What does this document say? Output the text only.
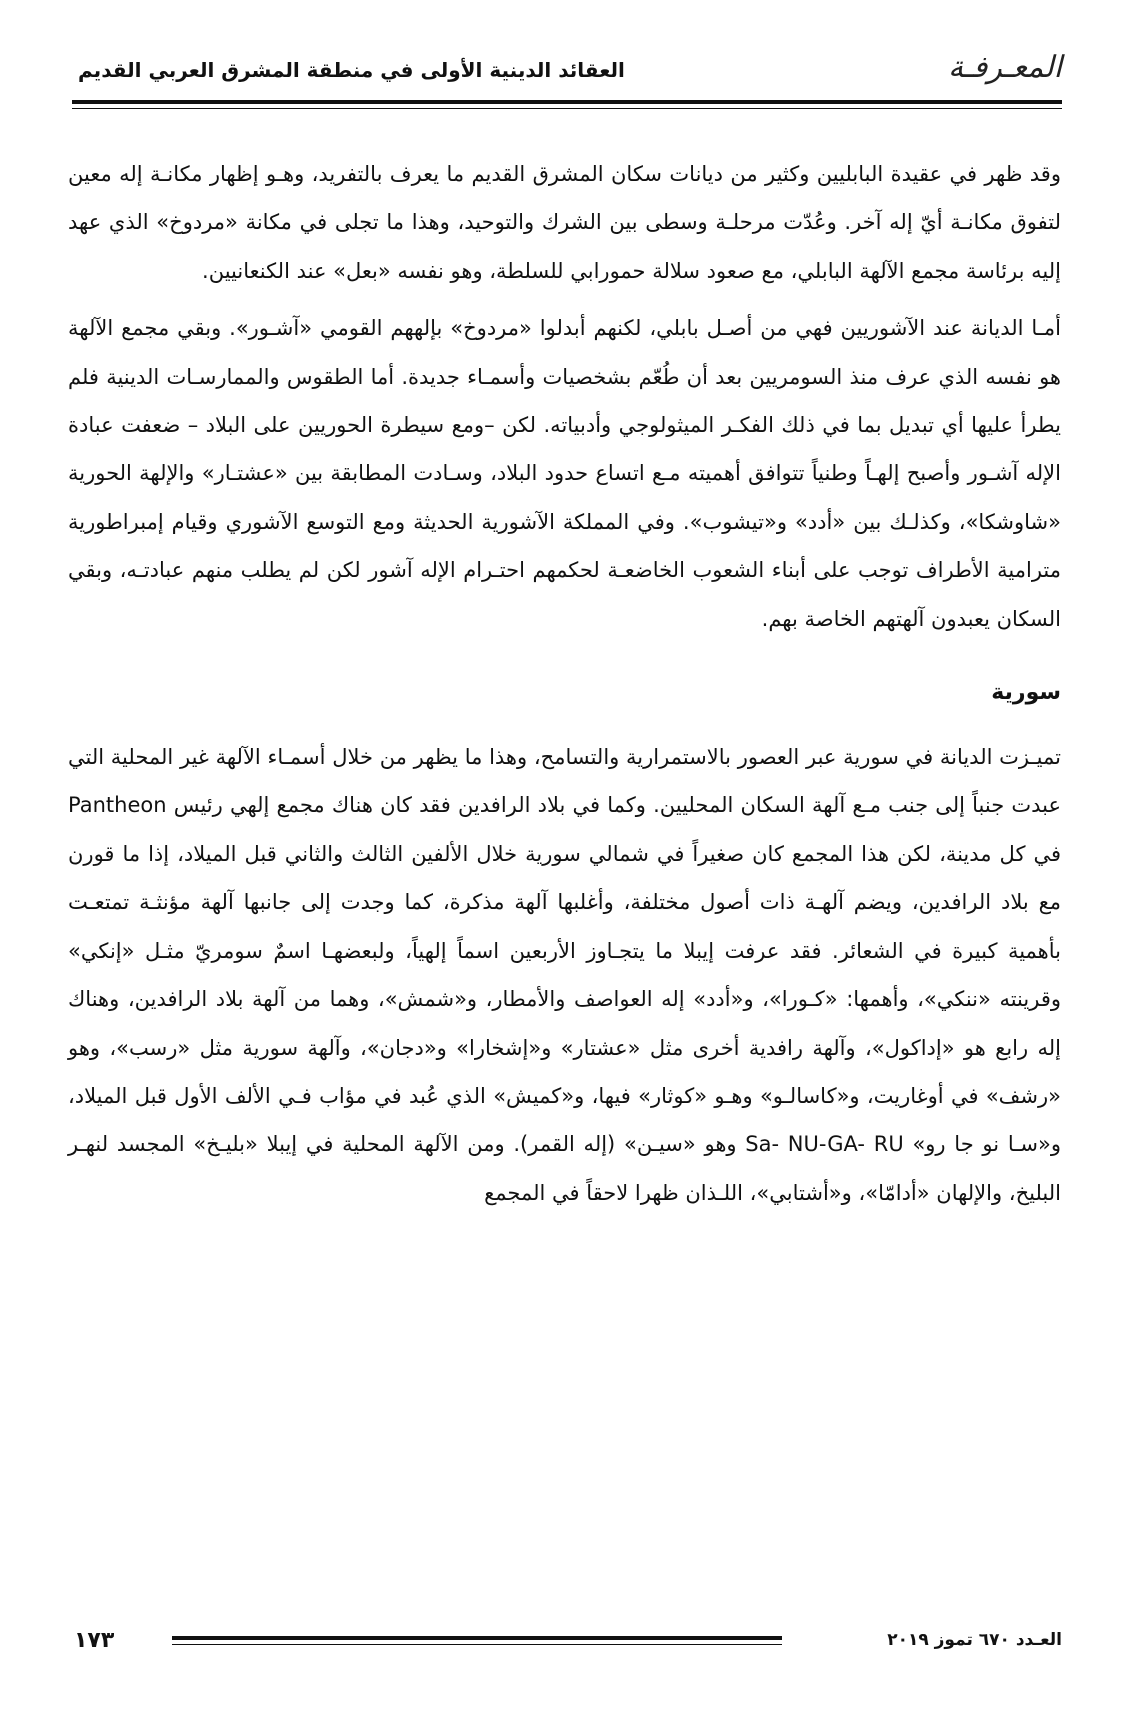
المعـرفـة
العقائد الدينية الأولى في منطقة المشرق العربي القديم

وقد ظهر في عقيدة البابليين وكثير من ديانات سكان المشرق القديم ما يعرف بالتفريد، وهـو إظهار مكانـة إله معين لتفوق مكانـة أيّ إله آخر. وعُدّت مرحلـة وسطى بين الشرك والتوحيد، وهذا ما تجلى في مكانة «مردوخ» الذي عهد إليه برئاسة مجمع الآلهة البابلي، مع صعود سلالة حمورابي للسلطة، وهو نفسه «بعل» عند الكنعانيين.

أمـا الديانة عند الآشوريين فهي من أصـل بابلي، لكنهم أبدلوا «مردوخ» بإلههم القومي «آشـور». وبقي مجمع الآلهة هو نفسه الذي عرف منذ السومريين بعد أن طُعّم بشخصيات وأسمـاء جديدة. أما الطقوس والممارسـات الدينية فلم يطرأ عليها أي تبديل بما في ذلك الفكـر الميثولوجي وأدبياته. لكن –ومع سيطرة الحوريين على البلاد – ضعفت عبادة الإله آشـور وأصبح إلهـاً وطنياً تتوافق أهميته مـع اتساع حدود البلاد، وسـادت المطابقة بين «عشتـار» والإلهة الحورية «شاوشكا»، وكذلـك بين «أدد» و«تيشوب». وفي المملكة الآشورية الحديثة ومع التوسع الآشوري وقيام إمبراطورية مترامية الأطراف توجب على أبناء الشعوب الخاضعـة لحكمهم احتـرام الإله آشور لكن لم يطلب منهم عبادتـه، وبقي السكان يعبدون آلهتهم الخاصة بهم.

سورية

تميـزت الديانة في سورية عبر العصور بالاستمرارية والتسامح، وهذا ما يظهر من خلال أسمـاء الآلهة غير المحلية التي عبدت جنباً إلى جنب مـع آلهة السكان المحليين. وكما في بلاد الرافدين فقد كان هناك مجمع إلهي رئيس Pantheon في كل مدينة، لكن هذا المجمع كان صغيراً في شمالي سورية خلال الألفين الثالث والثاني قبل الميلاد، إذا ما قورن مع بلاد الرافدين، ويضم آلهـة ذات أصول مختلفة، وأغلبها آلهة مذكرة، كما وجدت إلى جانبها آلهة مؤنثـة تمتعـت بأهمية كبيرة في الشعائر. فقد عرفت إيبلا ما يتجـاوز الأربعين اسماً إلهياً، ولبعضهـا اسمٌ سومريّ مثـل «إنكي» وقرينته «ننكي»، وأهمها: «كـورا»، و«أدد» إله العواصف والأمطار، و«شمش»، وهما من آلهة بلاد الرافدين، وهناك إله رابع هو «إداكول»، وآلهة رافدية أخرى مثل «عشتار» و«إشخارا» و«دجان»، وآلهة سورية مثل «رسب»، وهو «رشف» في أوغاريت، و«كاسالـو» وهـو «كوثار» فيها، و«كميش» الذي عُبد في مؤاب فـي الألف الأول قبل الميلاد، و«سـا نو جا رو» Sa- NU-GA- RU وهو «سيـن» (إله القمر). ومن الآلهة المحلية في إيبلا «بليـخ» المجسد لنهـر البليخ، والإلهان «أدامّا»، و«أشتابي»، اللـذان ظهرا لاحقاً في المجمع

١٧٣	العـدد ٦٧٠ تموز ٢٠١٩
